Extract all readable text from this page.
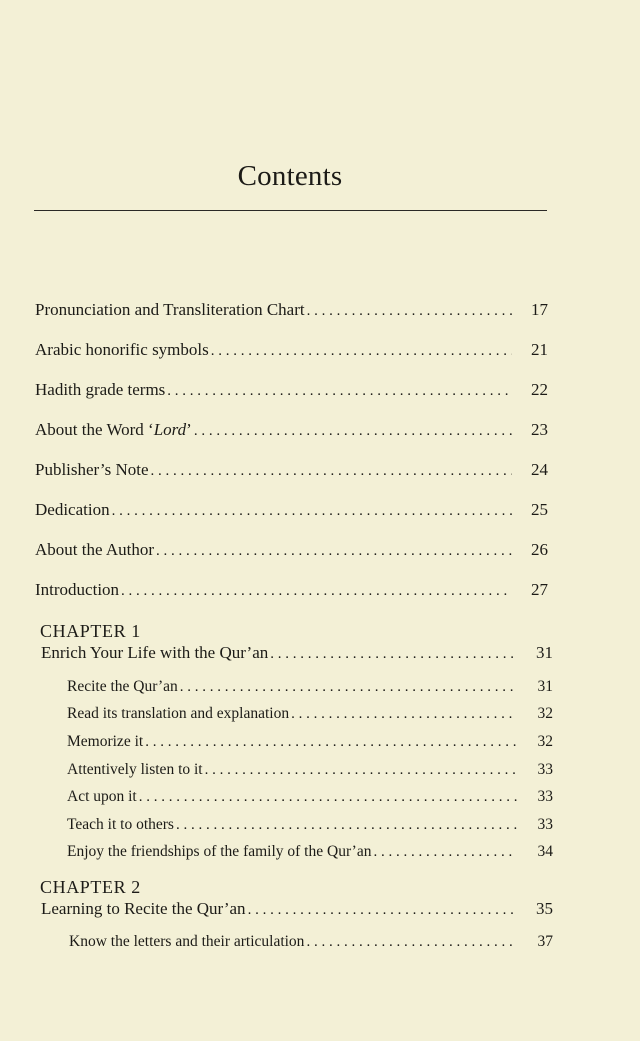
Contents
Pronunciation and Transliteration Chart . . .	17
Arabic honorific symbols . . .	21
Hadith grade terms . . .	22
About the Word ‘Lord’ . . .	23
Publisher’s Note . . .	24
Dedication . . .	25
About the Author . . .	26
Introduction . . .	27
CHAPTER 1
Enrich Your Life with the Qur’an . . .	31
Recite the Qur’an . . .	31
Read its translation and explanation . . .	32
Memorize it . . .	32
Attentively listen to it . . .	33
Act upon it . . .	33
Teach it to others . . .	33
Enjoy the friendships of the family of the Qur’an . . .	34
CHAPTER 2
Learning to Recite the Qur’an . . .	35
Know the letters and their articulation . . .	37
